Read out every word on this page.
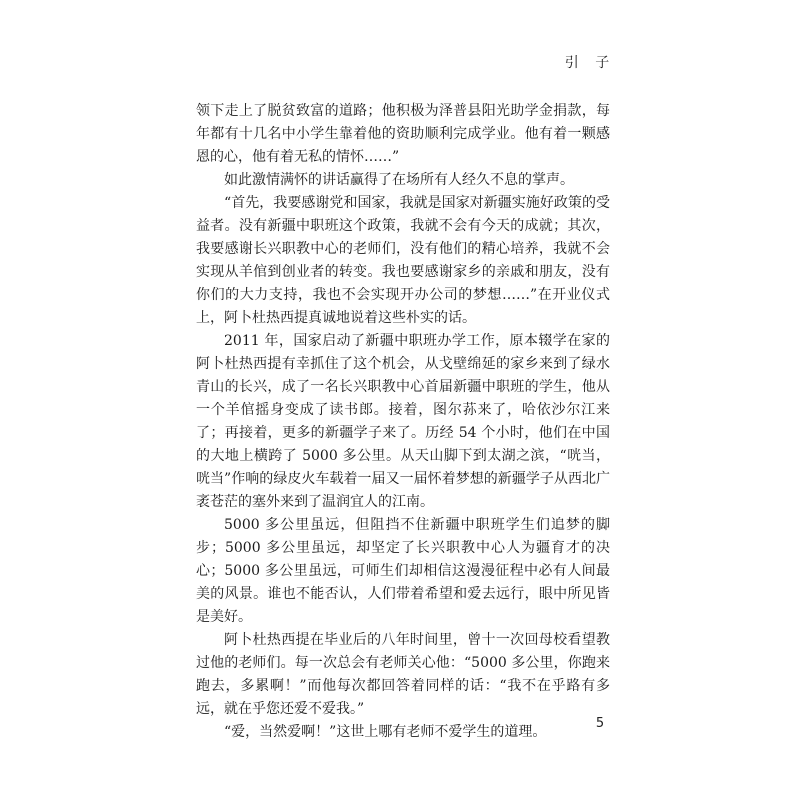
引 子

领下走上了脱贫致富的道路；他积极为泽普县阳光助学金捐款，每年都有十几名中小学生靠着他的资助顺利完成学业。他有着一颗感恩的心，他有着无私的情怀……”

如此激情满怀的讲话赢得了在场所有人经久不息的掌声。

“首先，我要感谢党和国家，我就是国家对新疆实施好政策的受益者。没有新疆中职班这个政策，我就不会有今天的成就；其次，我要感谢长兴职教中心的老师们，没有他们的精心培养，我就不会实现从羊倌到创业者的转变。我也要感谢家乡的亲戚和朋友，没有你们的大力支持，我也不会实现开办公司的梦想……”在开业仪式上，阿卜杜热西提真诚地说着这些朴实的话。

2011 年，国家启动了新疆中职班办学工作，原本辍学在家的阿卜杜热西提有幸抓住了这个机会，从戈壁绵延的家乡来到了绿水青山的长兴，成了一名长兴职教中心首届新疆中职班的学生，他从一个羊倌摇身变成了读书郎。接着，图尔荪来了，哈依沙尔江来了；再接着，更多的新疆学子来了。历经 54 个小时，他们在中国的大地上横跨了 5000 多公里。从天山脚下到太湖之滨，“咣当，咣当”作响的绿皮火车载着一届又一届怀着梦想的新疆学子从西北广袤苍茫的塞外来到了温润宜人的江南。

5000 多公里虽远，但阻挡不住新疆中职班学生们追梦的脚步；5000 多公里虽远，却坚定了长兴职教中心人为疆育才的决心；5000 多公里虽远，可师生们却相信这漫漫征程中必有人间最美的风景。谁也不能否认，人们带着希望和爱去远行，眼中所见皆是美好。

阿卜杜热西提在毕业后的八年时间里，曾十一次回母校看望教过他的老师们。每一次总会有老师关心他：“5000 多公里，你跑来跑去，多累啊！”而他每次都回答着同样的话：“我不在乎路有多远，就在乎您还爱不爱我。”

“爱，当然爱啊！”这世上哪有老师不爱学生的道理。

5
